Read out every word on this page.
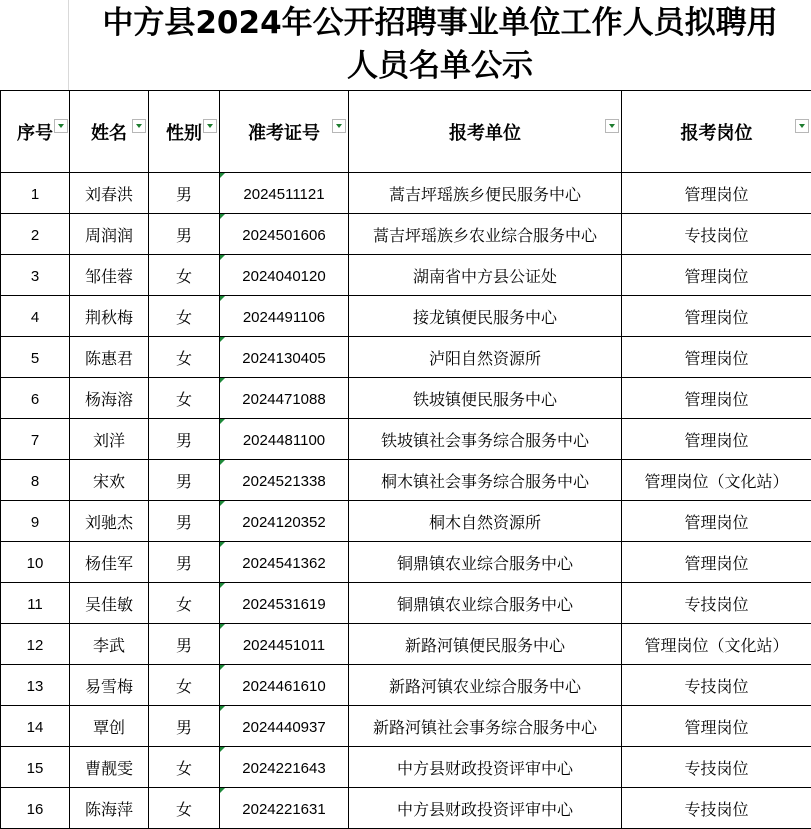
中方县2024年公开招聘事业单位工作人员拟聘用人员名单公示
序号	姓名	性别	准考证号	报考单位	报考岗位

1	刘春洪	男	2024511121	蒿吉坪瑶族乡便民服务中心	管理岗位
2	周润润	男	2024501606	蒿吉坪瑶族乡农业综合服务中心	专技岗位
3	邹佳蓉	女	2024040120	湖南省中方县公证处	管理岗位
4	荆秋梅	女	2024491106	接龙镇便民服务中心	管理岗位
5	陈惠君	女	2024130405	泸阳自然资源所	管理岗位
6	杨海溶	女	2024471088	铁坡镇便民服务中心	管理岗位
7	刘洋	男	2024481100	铁坡镇社会事务综合服务中心	管理岗位
8	宋欢	男	2024521338	桐木镇社会事务综合服务中心	管理岗位（文化站）
9	刘驰杰	男	2024120352	桐木自然资源所	管理岗位
10	杨佳军	男	2024541362	铜鼎镇农业综合服务中心	管理岗位
11	吴佳敏	女	2024531619	铜鼎镇农业综合服务中心	专技岗位
12	李武	男	2024451011	新路河镇便民服务中心	管理岗位（文化站）
13	易雪梅	女	2024461610	新路河镇农业综合服务中心	专技岗位
14	覃创	男	2024440937	新路河镇社会事务综合服务中心	管理岗位
15	曹靓雯	女	2024221643	中方县财政投资评审中心	专技岗位
16	陈海萍	女	2024221631	中方县财政投资评审中心	专技岗位
